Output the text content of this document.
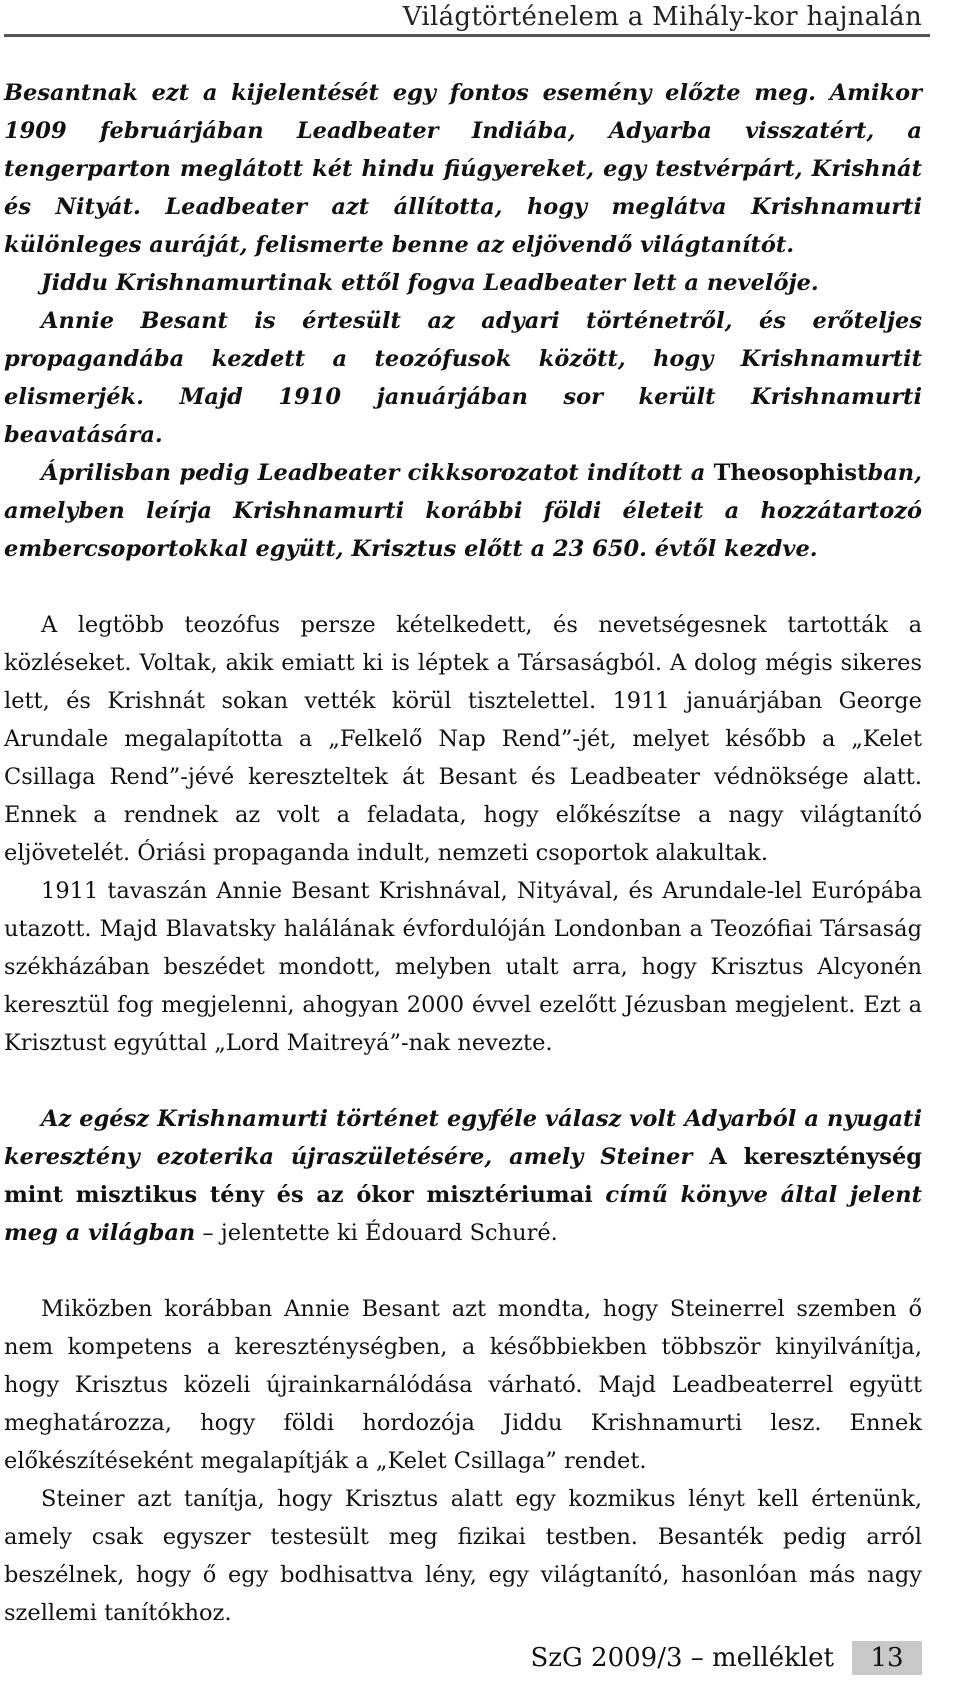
Világtörténelem a Mihály-kor hajnalán

Besantnak ezt a kijelentését egy fontos esemény előzte meg. Amikor 1909 februárjában Leadbeater Indiába, Adyarba visszatért, a tengerparton meglátott két hindu fiúgyereket, egy testvérpárt, Krishnát és Nityát. Leadbeater azt állította, hogy meglátva Krishnamurti különleges auráját, felismerte benne az eljövendő világtanítót.

Jiddu Krishnamurtinak ettől fogva Leadbeater lett a nevelője.

Annie Besant is értesült az adyari történetről, és erőteljes propagandába kezdett a teozófusok között, hogy Krishnamurtit elismerjék. Majd 1910 januárjában sor került Krishnamurti beavatására.

Áprilisban pedig Leadbeater cikksorozatot indított a Theosophistban, amelyben leírja Krishnamurti korábbi földi életeit a hozzátartozó embercsoportokkal együtt, Krisztus előtt a 23 650. évtől kezdve.

A legtöbb teozófus persze kételkedett, és nevetségesnek tartották a közléseket. Voltak, akik emiatt ki is léptek a Társaságból. A dolog mégis sikeres lett, és Krishnát sokan vették körül tisztelettel. 1911 januárjában George Arundale megalapította a „Felkelő Nap Rend”-jét, melyet később a „Kelet Csillaga Rend”-jévé kereszteltek át Besant és Leadbeater védnöksége alatt. Ennek a rendnek az volt a feladata, hogy előkészítse a nagy világtanító eljövetelét. Óriási propaganda indult, nemzeti csoportok alakultak.

1911 tavaszán Annie Besant Krishnával, Nityával, és Arundale-lel Európába utazott. Majd Blavatsky halálának évfordulóján Londonban a Teozófiai Társaság székházában beszédet mondott, melyben utalt arra, hogy Krisztus Alcyonén keresztül fog megjelenni, ahogyan 2000 évvel ezelőtt Jézusban megjelent. Ezt a Krisztust egyúttal „Lord Maitreyá”-nak nevezte.

Az egész Krishnamurti történet egyféle válasz volt Adyarból a nyugati keresztény ezoterika újraszületésére, amely Steiner A kereszténység mint misztikus tény és az ókor misztériumai című könyve által jelent meg a világban – jelentette ki Édouard Schuré.

Miközben korábban Annie Besant azt mondta, hogy Steinerrel szemben ő nem kompetens a kereszténységben, a későbbiekben többször kinyilvánítja, hogy Krisztus közeli újrainkarnálódása várható. Majd Leadbeaterrel együtt meghatározza, hogy földi hordozója Jiddu Krishnamurti lesz. Ennek előkészítéseként megalapítják a „Kelet Csillaga” rendet.

Steiner azt tanítja, hogy Krisztus alatt egy kozmikus lényt kell értenünk, amely csak egyszer testesült meg fizikai testben. Besanték pedig arról beszélnek, hogy ő egy bodhisattva lény, egy világtanító, hasonlóan más nagy szellemi tanítókhoz.

SzG 2009/3 – melléklet	13
